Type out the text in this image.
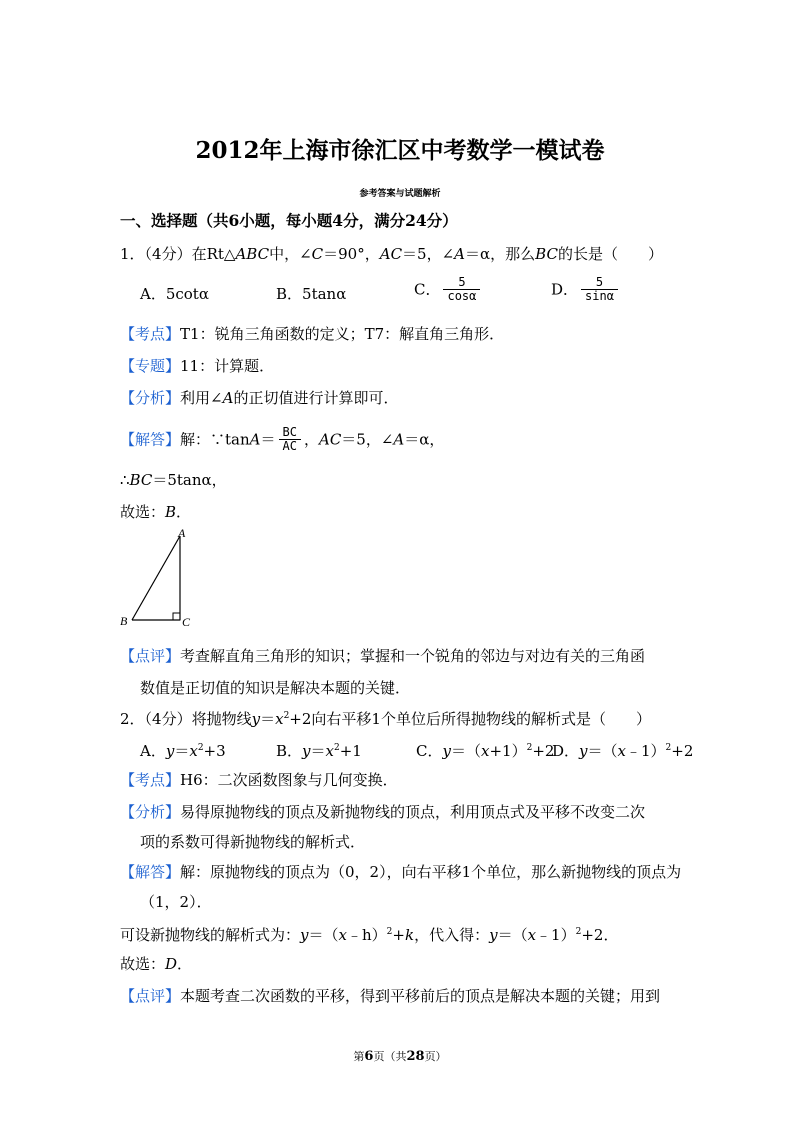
2012年上海市徐汇区中考数学一模试卷
参考答案与试题解析
一、选择题（共6小题，每小题4分，满分24分）
1．（4分）在Rt△ABC中，∠C＝90°，AC＝5，∠A＝α，那么BC的长是（　　）
A．5cotα	B．5tanα	C． $\frac{5}{\cos\alpha}$	D． $\frac{5}{\sin\alpha}$
【考点】T1：锐角三角函数的定义；T7：解直角三角形．
【专题】11：计算题．
【分析】利用∠A的正切值进行计算即可．
【解答】解：∵tanA＝ $\frac{BC}{AC}$ ，AC＝5，∠A＝α，
∴BC＝5tanα，
故选：B．
A
B	C
【点评】考查解直角三角形的知识；掌握和一个锐角的邻边与对边有关的三角函
数值是正切值的知识是解决本题的关键．
2．（4分）将抛物线$y=x^2+2$向右平移1个单位后所得抛物线的解析式是（　　）
A．$y=x^2+3$	B．$y=x^2+1$	C．$y=(x+1)^2+2$
D．y＝（x﹣1）$^2$+2
【考点】H6：二次函数图象与几何变换．
【分析】易得原抛物线的顶点及新抛物线的顶点，利用顶点式及平移不改变二次
项的系数可得新抛物线的解析式．
【解答】解：原抛物线的顶点为（0，2），向右平移1个单位，那么新抛物线的顶点为
（1，2）．
可设新抛物线的解析式为：y＝（x﹣h）$^2$+k，代入得：y＝（x﹣1）$^2$+2．
故选：D．
【点评】本题考查二次函数的平移，得到平移前后的顶点是解决本题的关键；用到
第6页（共28页）
